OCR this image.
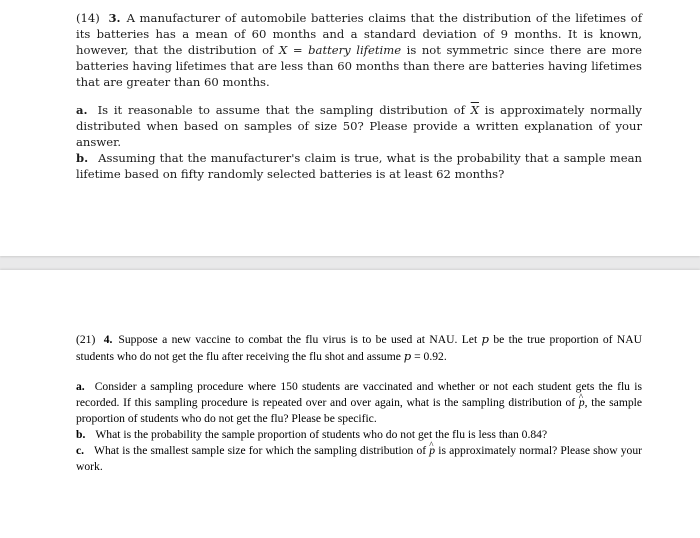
(14) 3. A manufacturer of automobile batteries claims that the distribution of the lifetimes of its batteries has a mean of 60 months and a standard deviation of 9 months. It is known, however, that the distribution of X = battery lifetime is not symmetric since there are more batteries having lifetimes that are less than 60 months than there are batteries having lifetimes that are greater than 60 months.

a. Is it reasonable to assume that the sampling distribution of $\overline{X}$ is approximately normally distributed when based on samples of size 50? Please provide a written explanation of your answer.
b. Assuming that the manufacturer's claim is true, what is the probability that a sample mean lifetime based on fifty randomly selected batteries is at least 62 months?

(21) 4. Suppose a new vaccine to combat the flu virus is to be used at NAU. Let p be the true proportion of NAU students who do not get the flu after receiving the flu shot and assume p = 0.92.

a. Consider a sampling procedure where 150 students are vaccinated and whether or not each student gets the flu is recorded. If this sampling procedure is repeated over and over again, what is the sampling distribution of ^ p, the sample proportion of students who do not get the flu? Please be specific.
b. What is the probability the sample proportion of students who do not get the flu is less than 0.84?
c. What is the smallest sample size for which the sampling distribution of ^ p is approximately normal? Please show your work.
